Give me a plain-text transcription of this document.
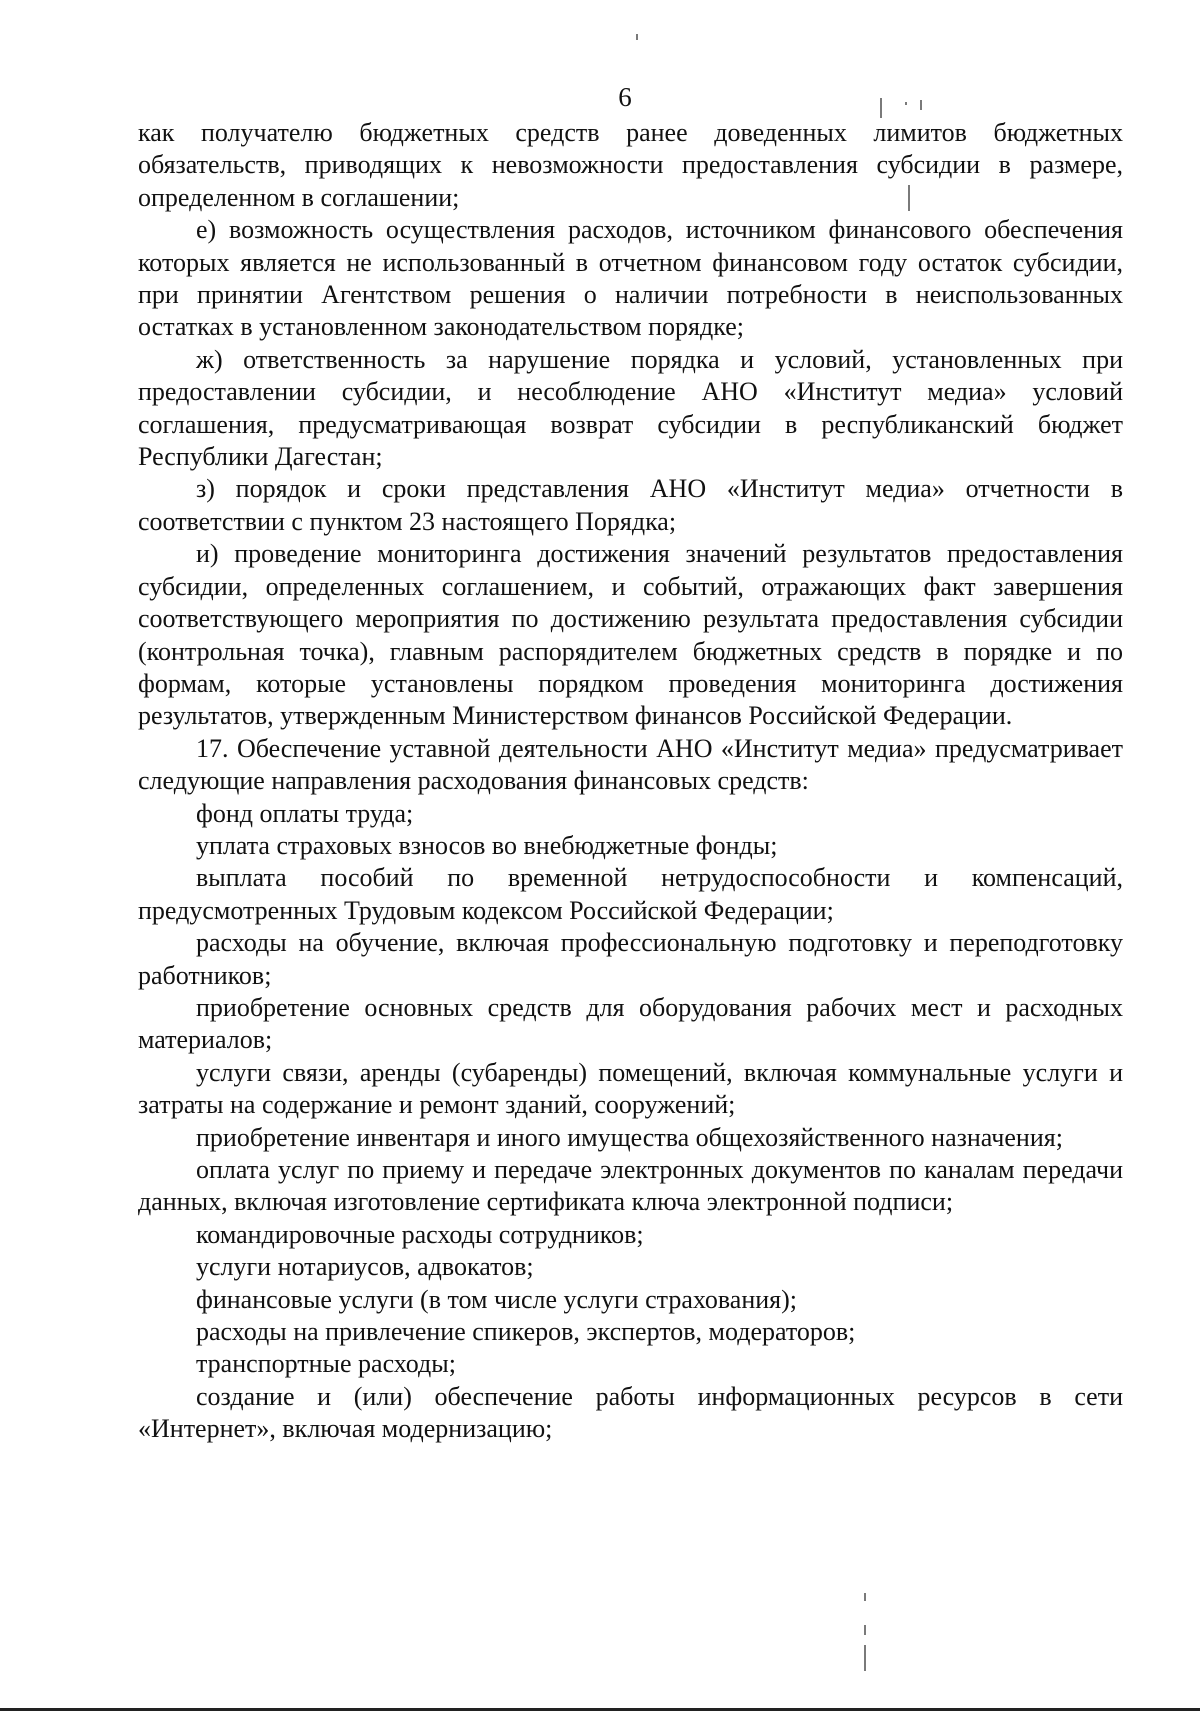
6

как получателю бюджетных средств ранее доведенных лимитов бюджетных обязательств, приводящих к невозможности предоставления субсидии в размере, определенном в соглашении;

е) возможность осуществления расходов, источником финансового обеспечения которых является не использованный в отчетном финансовом году остаток субсидии, при принятии Агентством решения о наличии потребности в неиспользованных остатках в установленном законодательством порядке;

ж) ответственность за нарушение порядка и условий, установленных при предоставлении субсидии, и несоблюдение АНО «Институт медиа» условий соглашения, предусматривающая возврат субсидии в республиканский бюджет Республики Дагестан;

з) порядок и сроки представления АНО «Институт медиа» отчетности в соответствии с пунктом 23 настоящего Порядка;

и) проведение мониторинга достижения значений результатов предоставления субсидии, определенных соглашением, и событий, отражающих факт завершения соответствующего мероприятия по достижению результата предоставления субсидии (контрольная точка), главным распорядителем бюджетных средств в порядке и по формам, которые установлены порядком проведения мониторинга достижения результатов, утвержденным Министерством финансов Российской Федерации.

17. Обеспечение уставной деятельности АНО «Институт медиа» предусматривает следующие направления расходования финансовых средств:

фонд оплаты труда;

уплата страховых взносов во внебюджетные фонды;

выплата пособий по временной нетрудоспособности и компенсаций, предусмотренных Трудовым кодексом Российской Федерации;

расходы на обучение, включая профессиональную подготовку и переподготовку работников;

приобретение основных средств для оборудования рабочих мест и расходных материалов;

услуги связи, аренды (субаренды) помещений, включая коммунальные услуги и затраты на содержание и ремонт зданий, сооружений;

приобретение инвентаря и иного имущества общехозяйственного назначения;

оплата услуг по приему и передаче электронных документов по каналам передачи данных, включая изготовление сертификата ключа электронной подписи;

командировочные расходы сотрудников;

услуги нотариусов, адвокатов;

финансовые услуги (в том числе услуги страхования);

расходы на привлечение спикеров, экспертов, модераторов;

транспортные расходы;

создание и (или) обеспечение работы информационных ресурсов в сети «Интернет», включая модернизацию;
